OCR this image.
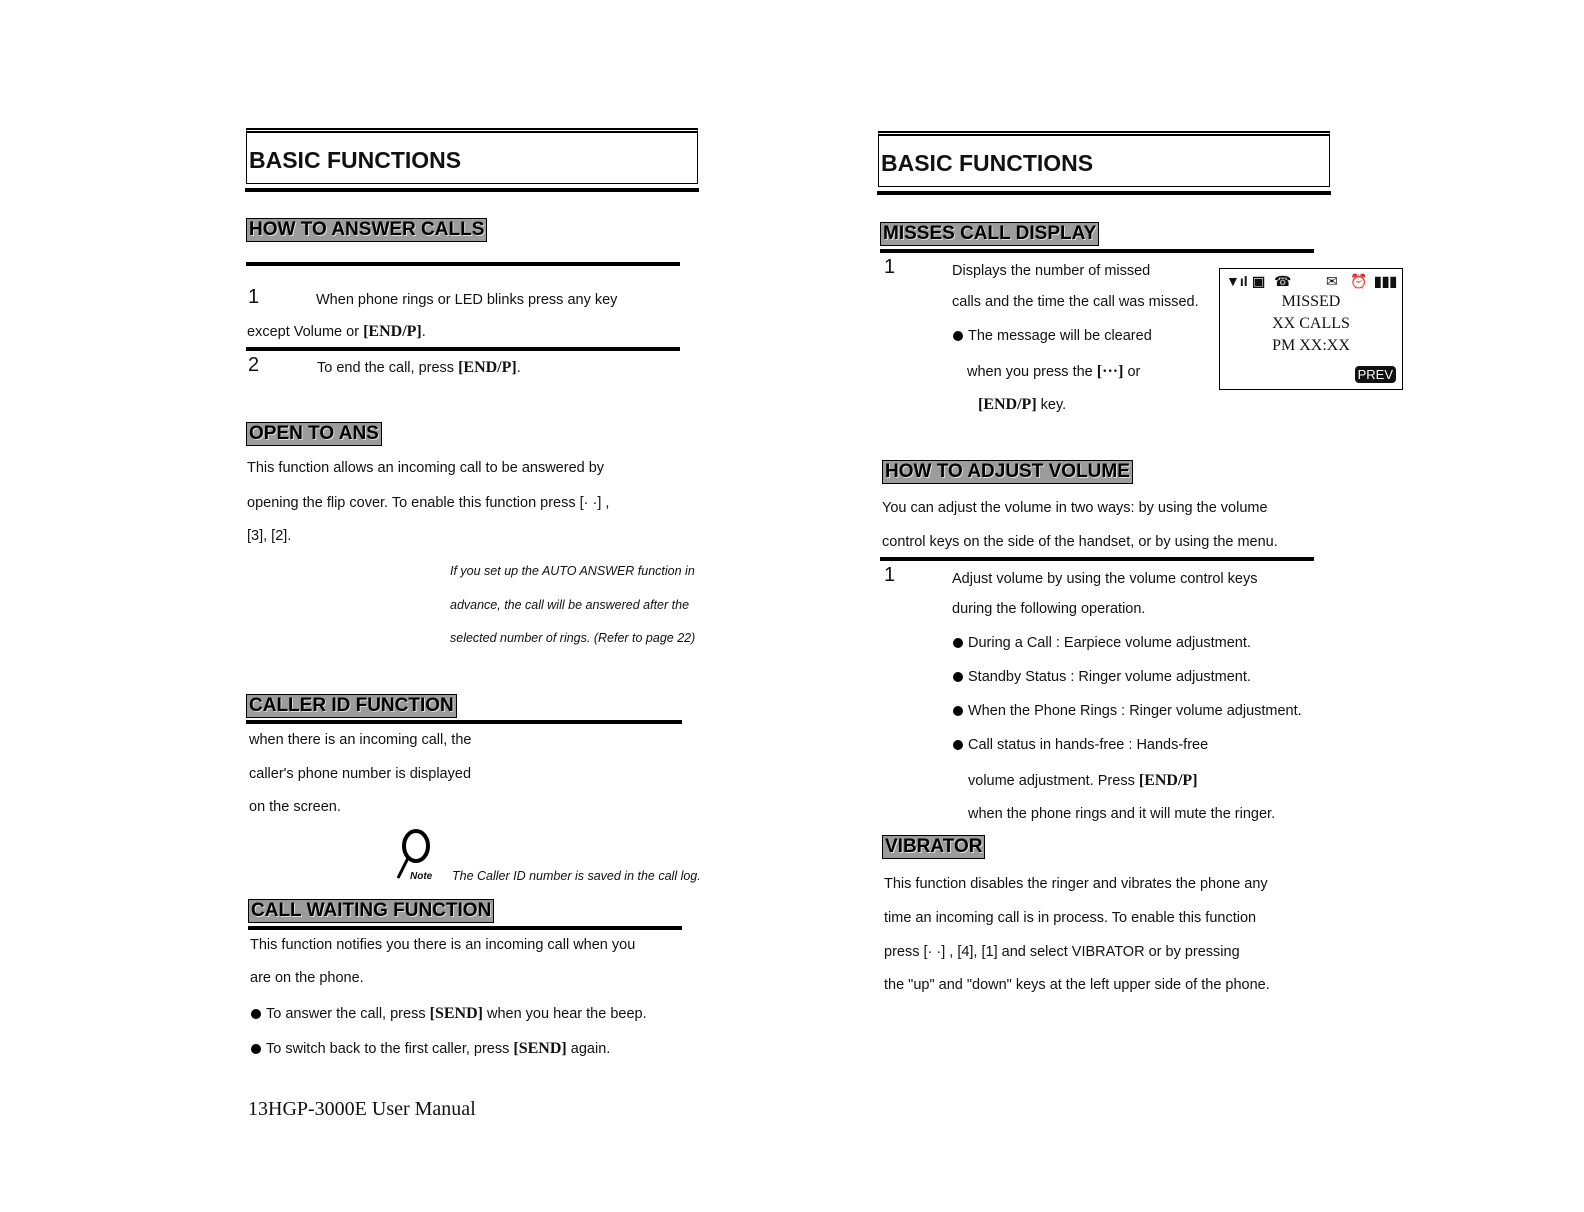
BASIC FUNCTIONS
HOW TO ANSWER CALLS
1	When phone rings or LED blinks press any key
except Volume or [END/P].
2	To end the call, press [END/P].
OPEN TO ANS
This function allows an incoming call to be answered by
opening the flip cover. To enable this function press [· ·] ,
[3], [2].
If you set up the AUTO ANSWER function in
advance, the call will be answered after the
selected number of rings. (Refer to page 22)
CALLER ID FUNCTION
when there is an incoming call, the
caller's phone number is displayed
on the screen.
Note The Caller ID number is saved in the call log.
CALL WAITING FUNCTION
This function notifies you there is an incoming call when you
are on the phone.
To answer the call, press [SEND] when you hear the beep.
To switch back to the first caller, press [SEND] again.
13HGP-3000E User Manual
BASIC FUNCTIONS
MISSES CALL DISPLAY
1	Displays the number of missed
calls and the time the call was missed.
The message will be cleared
when you press the [···] or
[END/P] key.
▼ıl ▣ ☎ ✉ ⏰ ▮▮▮
MISSED
XX CALLS
PM XX:XX
PREV
HOW TO ADJUST VOLUME
You can adjust the volume in two ways: by using the volume
control keys on the side of the handset, or by using the menu.
1	Adjust volume by using the volume control keys
during the following operation.
During a Call : Earpiece volume adjustment.
Standby Status : Ringer volume adjustment.
When the Phone Rings : Ringer volume adjustment.
Call status in hands-free : Hands-free
volume adjustment. Press [END/P]
when the phone rings and it will mute the ringer.
VIBRATOR
This function disables the ringer and vibrates the phone any
time an incoming call is in process. To enable this function
press [· ·] , [4], [1] and select VIBRATOR or by pressing
the "up" and "down" keys at the left upper side of the phone.
